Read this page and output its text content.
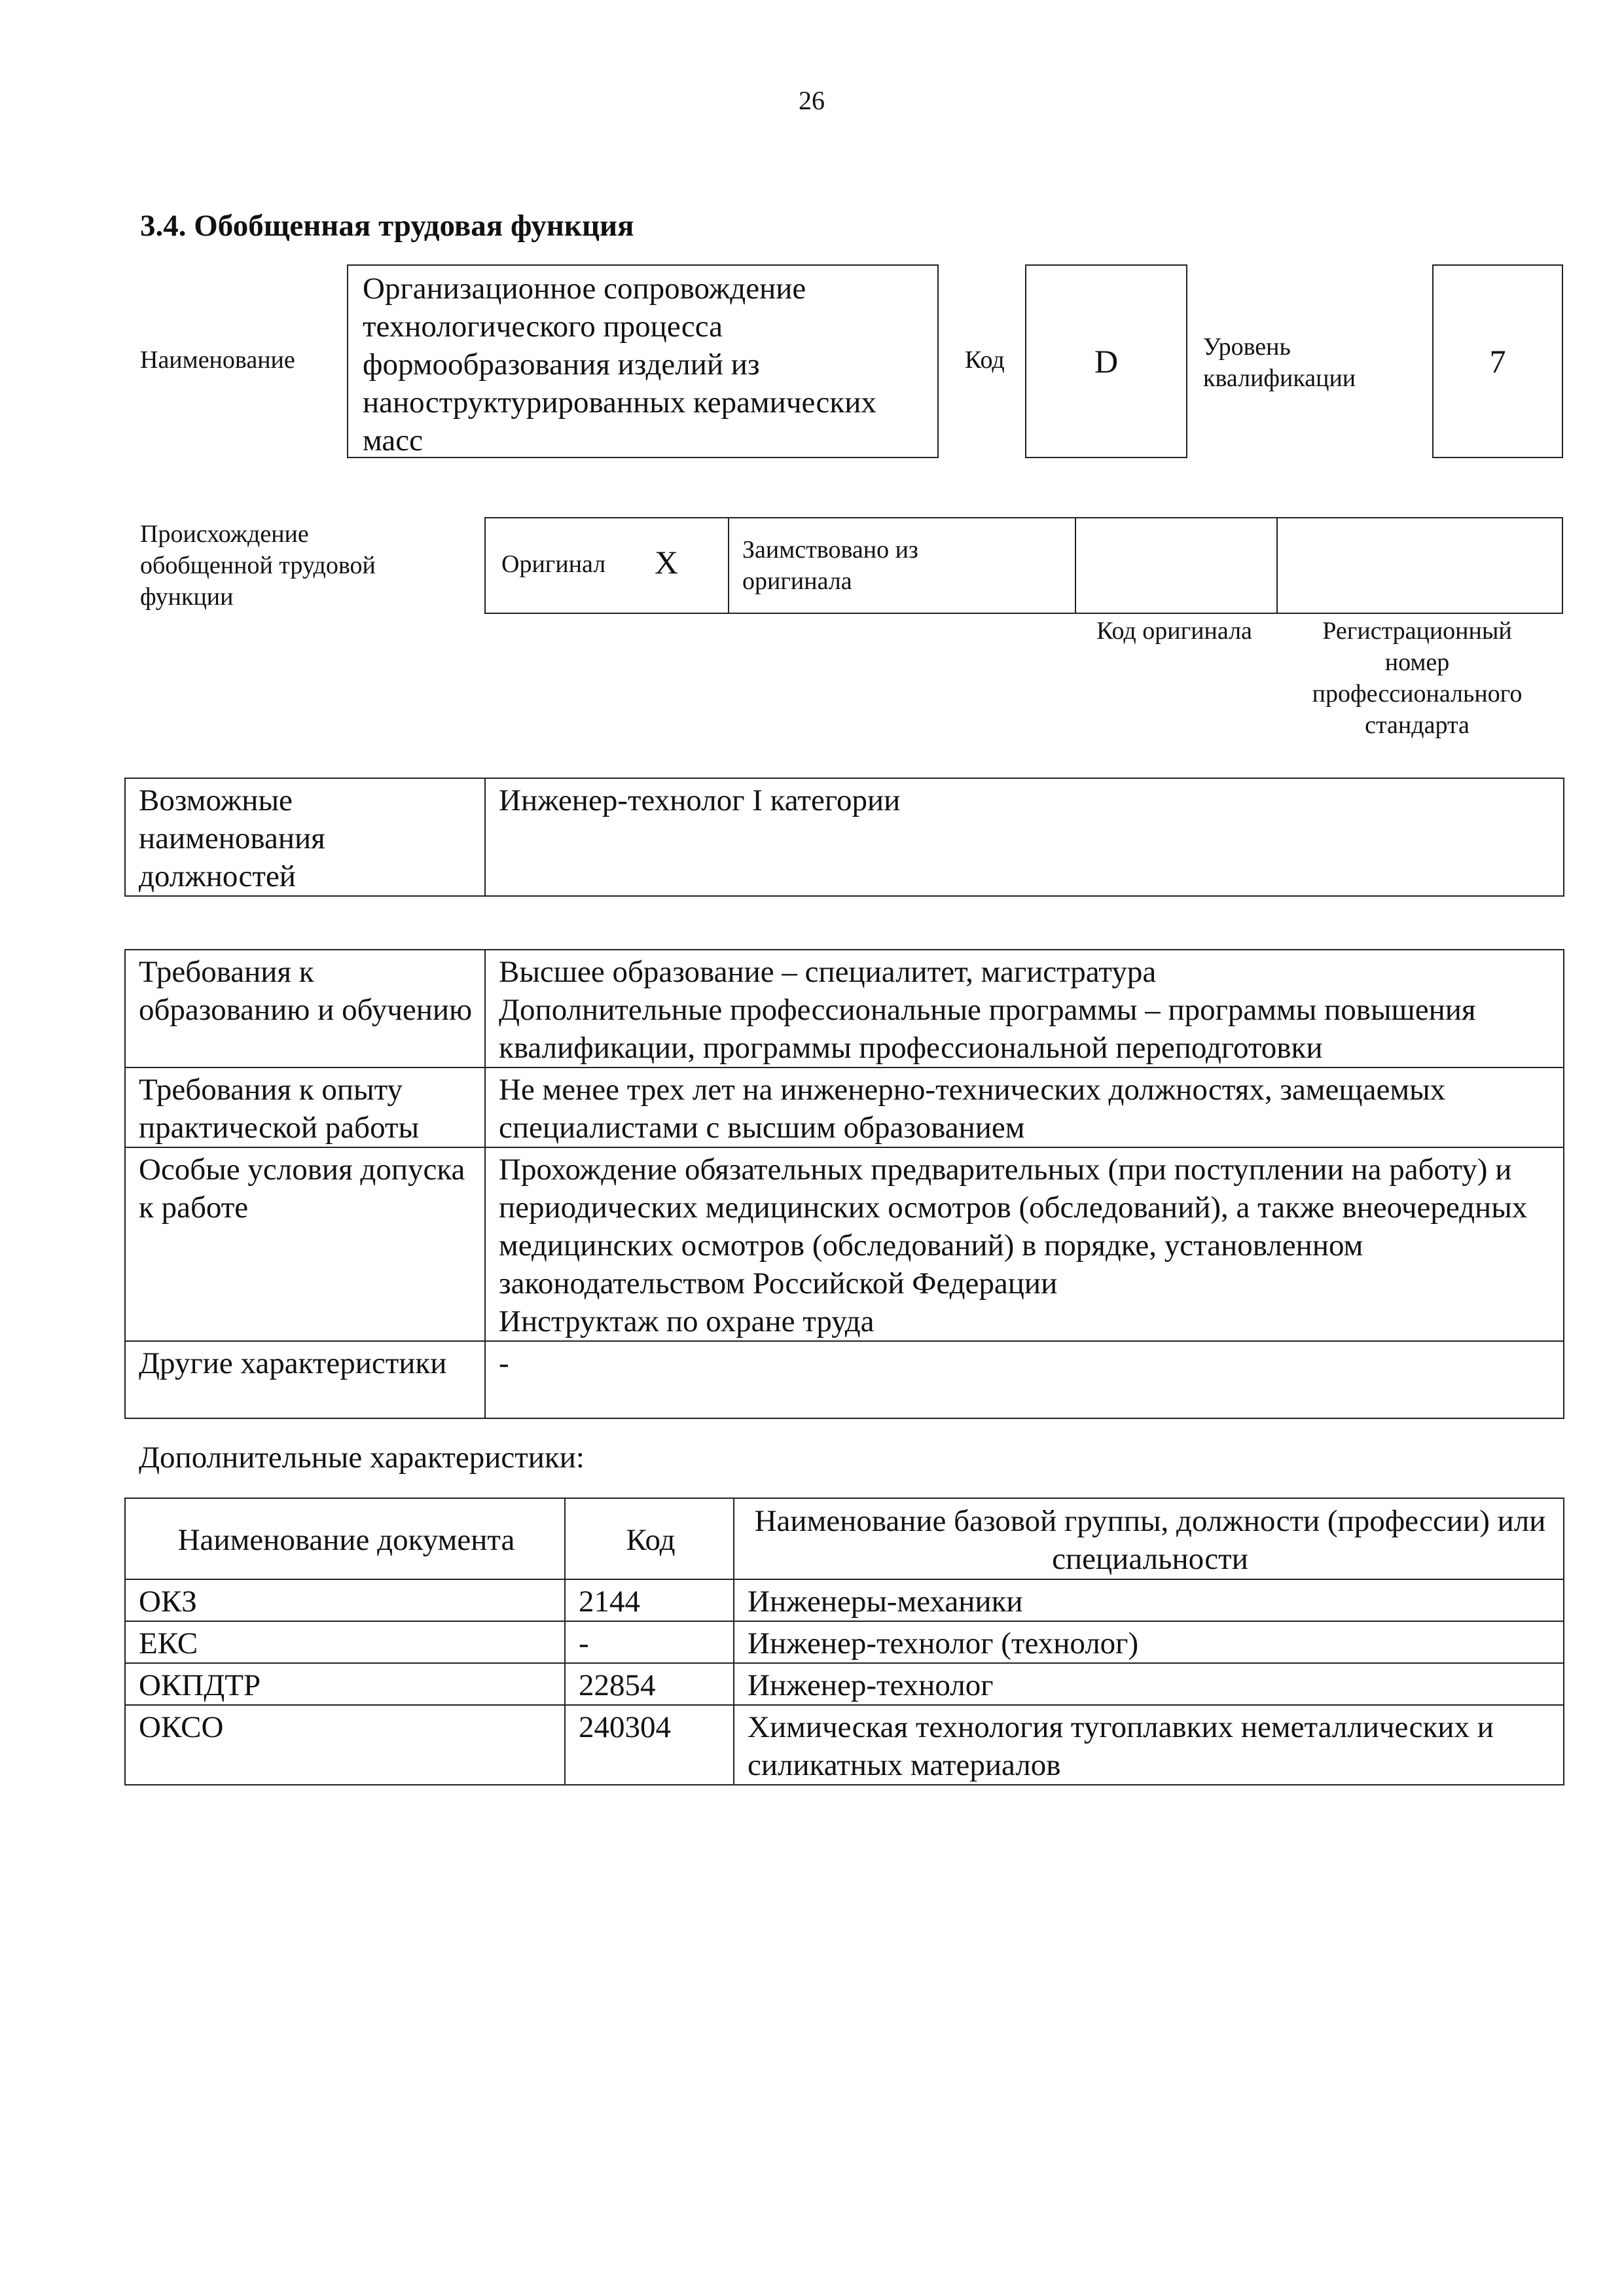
26
3.4. Обобщенная трудовая функция
Наименование
Организационное сопровождение технологического процесса формообразования изделий из наноструктурированных керамических масс
Код	D	Уровень квалификации	7
Происхождение обобщенной трудовой функции
Оригинал X	Заимствовано из оригинала
Код оригинала	Регистрационный номер профессионального стандарта
Возможные наименования должностей	Инженер-технолог I категории
Требования к образованию и обучению	Высшее образование – специалитет, магистратура
Дополнительные профессиональные программы – программы повышения квалификации, программы профессиональной переподготовки

Требования к опыту практической работы	Не менее трех лет на инженерно-технических должностях, замещаемых специалистами с высшим образованием

Особые условия допуска к работе	Прохождение обязательных предварительных (при поступлении на работу) и периодических медицинских осмотров (обследований), а также внеочередных медицинских осмотров (обследований) в порядке, установленном законодательством Российской Федерации
Инструктаж по охране труда

Другие характеристики	-
Дополнительные характеристики:
Наименование документа	Код	Наименование базовой группы, должности (профессии) или специальности
ОКЗ	2144	Инженеры-механики
ЕКС	-	Инженер-технолог (технолог)
ОКПДТР	22854	Инженер-технолог
ОКСО	240304	Химическая технология тугоплавких неметаллических и силикатных материалов
